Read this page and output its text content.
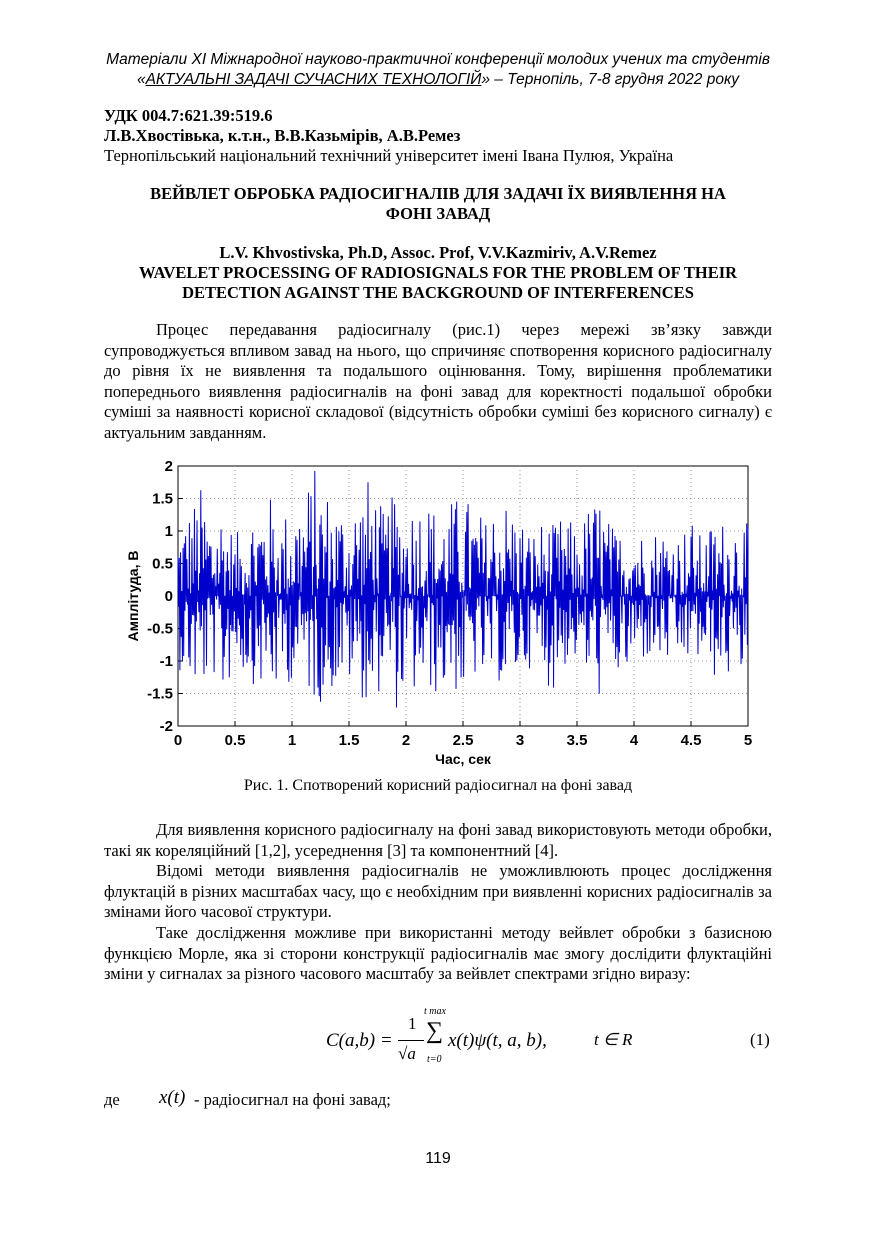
Матеріали XІ Міжнародної науково-практичної конференції молодих учених та студентів
«АКТУАЛЬНІ ЗАДАЧІ СУЧАСНИХ ТЕХНОЛОГІЙ» – Тернопіль, 7-8 грудня 2022 року
УДК 004.7:621.39:519.6
Л.В.Хвостівька, к.т.н., В.В.Казьмірів, А.В.Ремез
Тернопільський національний технічний університет імені Івана Пулюя, Україна
ВЕЙВЛЕТ ОБРОБКА РАДІОСИГНАЛІВ ДЛЯ ЗАДАЧІ ЇХ ВИЯВЛЕННЯ НА
ФОНІ ЗАВАД
L.V. Khvostivska, Ph.D, Assoc. Prof, V.V.Kazmiriv, A.V.Remez
WAVELET PROCESSING OF RADIOSIGNALS FOR THE PROBLEM OF THEIR
DETECTION AGAINST THE BACKGROUND OF INTERFERENCES

Процес передавання радіосигналу (рис.1) через мережі зв’язку завжди супроводжується впливом завад на нього, що спричиняє спотворення корисного радіосигналу до рівня їх не виявлення та подальшого оцінювання. Тому, вирішення проблематики попереднього виявлення радіосигналів на фоні завад для коректності подальшої обробки суміші за наявності корисної складової (відсутність обробки суміші без корисного сигналу) є актуальним завданням.

0	0.5	1	1.5	2	2.5	3	3.5	4	4.5	5
2
1.5
1
0.5
0
-0.5
-1
-1.5
-2
Час, сек
Амплітуда, В
Рис. 1. Спотворений корисний радіосигнал на фоні завад

Для виявлення корисного радіосигналу на фоні завад використовують методи обробки, такі як кореляційний [1,2], усереднення [3] та компонентний [4].

Відомі методи виявлення радіосигналів не уможливлюють процес дослідження флуктацій в різних масштабах часу, що є необхідним при виявленні корисних радіосигналів за змінами його часової структури.

Таке дослідження можливе при використанні методу вейвлет обробки з базисною функцією Морле, яка зі сторони конструкції радіосигналів має змогу дослідити флуктаційні зміни у сигналах за різного часового масштабу за вейвлет спектрами згідно виразу:

C(a,b) =
1
√a
t max
∑
t=0
x(t)ψ(t, a, b),	t ∈ R	(1)
де x(t) - радіосигнал на фоні завад;
119
